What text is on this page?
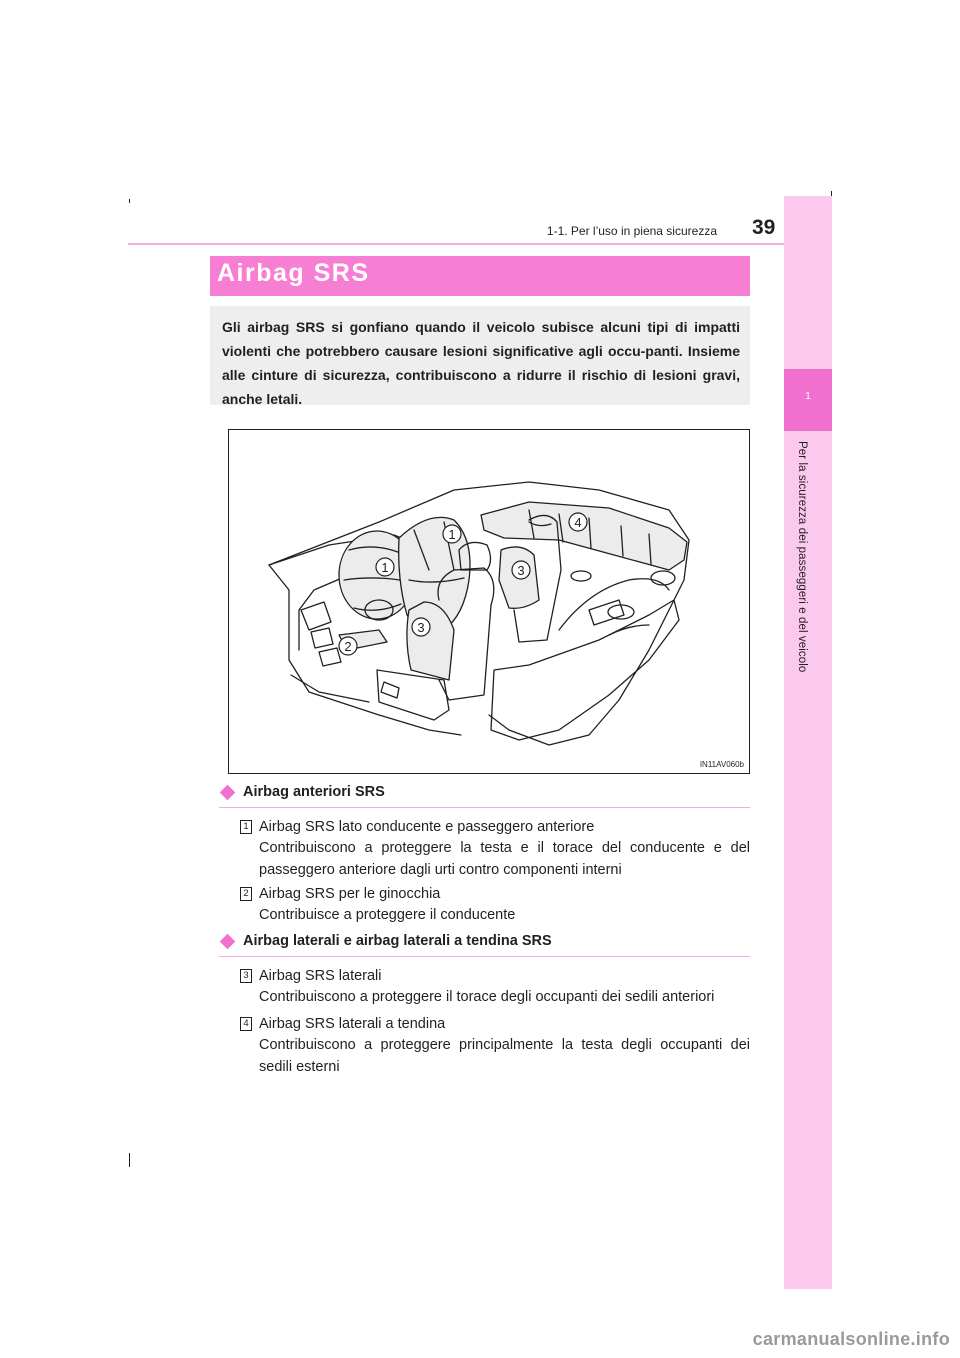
1-1. Per l’uso in piena sicurezza 39
1
Per la sicurezza dei passeggeri e del veicolo
Airbag SRS
Gli airbag SRS si gonfiano quando il veicolo subisce alcuni tipi di impatti violenti che potrebbero causare lesioni significative agli occu-panti. Insieme alle cinture di sicurezza, contribuiscono a ridurre il rischio di lesioni gravi, anche letali.
1
1
2
3
3
4
IN11AV060b
Airbag anteriori SRS
1 Airbag SRS lato conducente e passeggero anteriore
Contribuiscono a proteggere la testa e il torace del conducente e del passeggero anteriore dagli urti contro componenti interni
2 Airbag SRS per le ginocchia
Contribuisce a proteggere il conducente
Airbag laterali e airbag laterali a tendina SRS
3 Airbag SRS laterali
Contribuiscono a proteggere il torace degli occupanti dei sedili anteriori
4 Airbag SRS laterali a tendina
Contribuiscono a proteggere principalmente la testa degli occupanti dei sedili esterni
carmanualsonline.info
